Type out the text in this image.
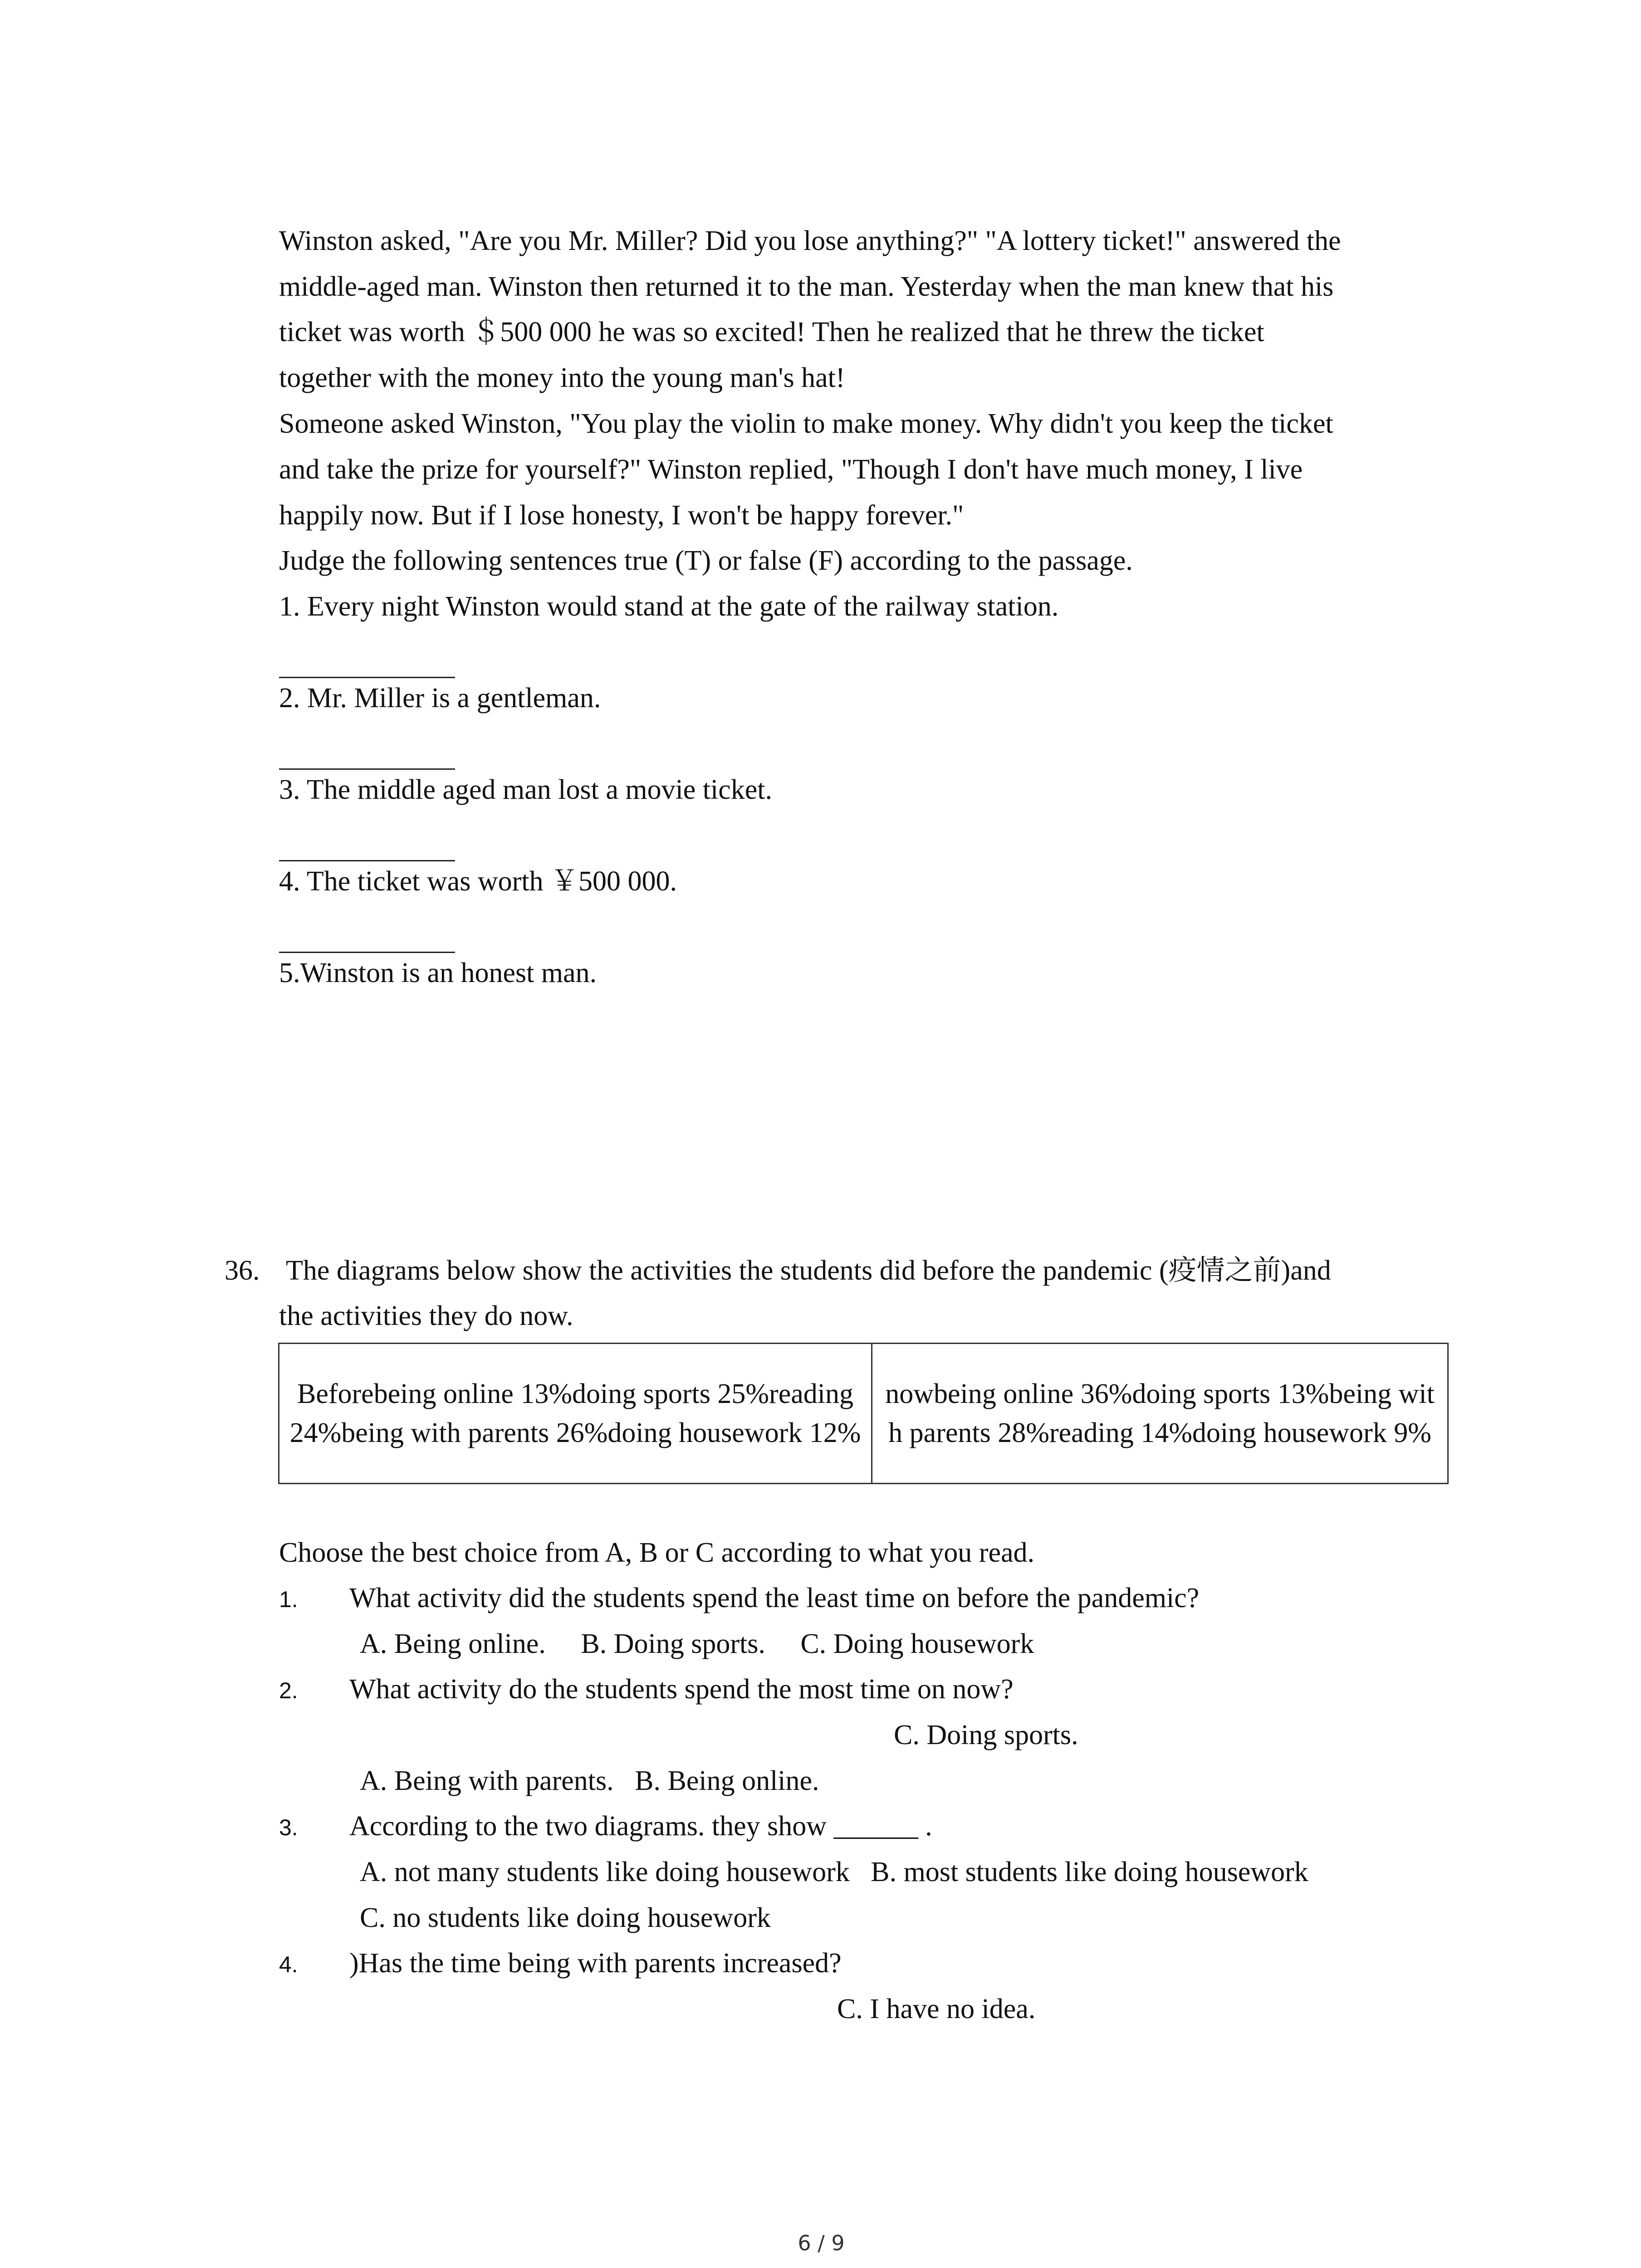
Winston asked, "Are you Mr. Miller? Did you lose anything?" "A lottery ticket!" answered the
middle-aged man. Winston then returned it to the man. Yesterday when the man knew that his
ticket was worth ＄500 000 he was so excited! Then he realized that he threw the ticket
together with the money into the young man's hat!
Someone asked Winston, "You play the violin to make money. Why didn't you keep the ticket
and take the prize for yourself?" Winston replied, "Though I don't have much money, I live
happily now. But if I lose honesty, I won't be happy forever."
Judge the following sentences true (T) or false (F) according to the passage.
1. Every night Winston would stand at the gate of the railway station.
2. Mr. Miller is a gentleman.
3. The middle aged man lost a movie ticket.
4. The ticket was worth ￥500 000.
5.Winston is an honest man.
36. The diagrams below show the activities the students did before the pandemic (疫情之前)and
the activities they do now.
Beforebeing online 13%doing sports 25%reading 24%being with parents 26%doing housework 12%	nowbeing online 36%doing sports 13%being with parents 28%reading 14%doing housework 9%
Choose the best choice from A, B or C according to what you read.
1. What activity did the students spend the least time on before the pandemic?
A. Being online.     B. Doing sports.     C. Doing housework
2. What activity do the students spend the most time on now?
C. Doing sports.
A. Being with parents.   B. Being online.
3. According to the two diagrams. they show ______ .
A. not many students like doing housework   B. most students like doing housework
C. no students like doing housework
4. )Has the time being with parents increased?
C. I have no idea.
6 / 9
